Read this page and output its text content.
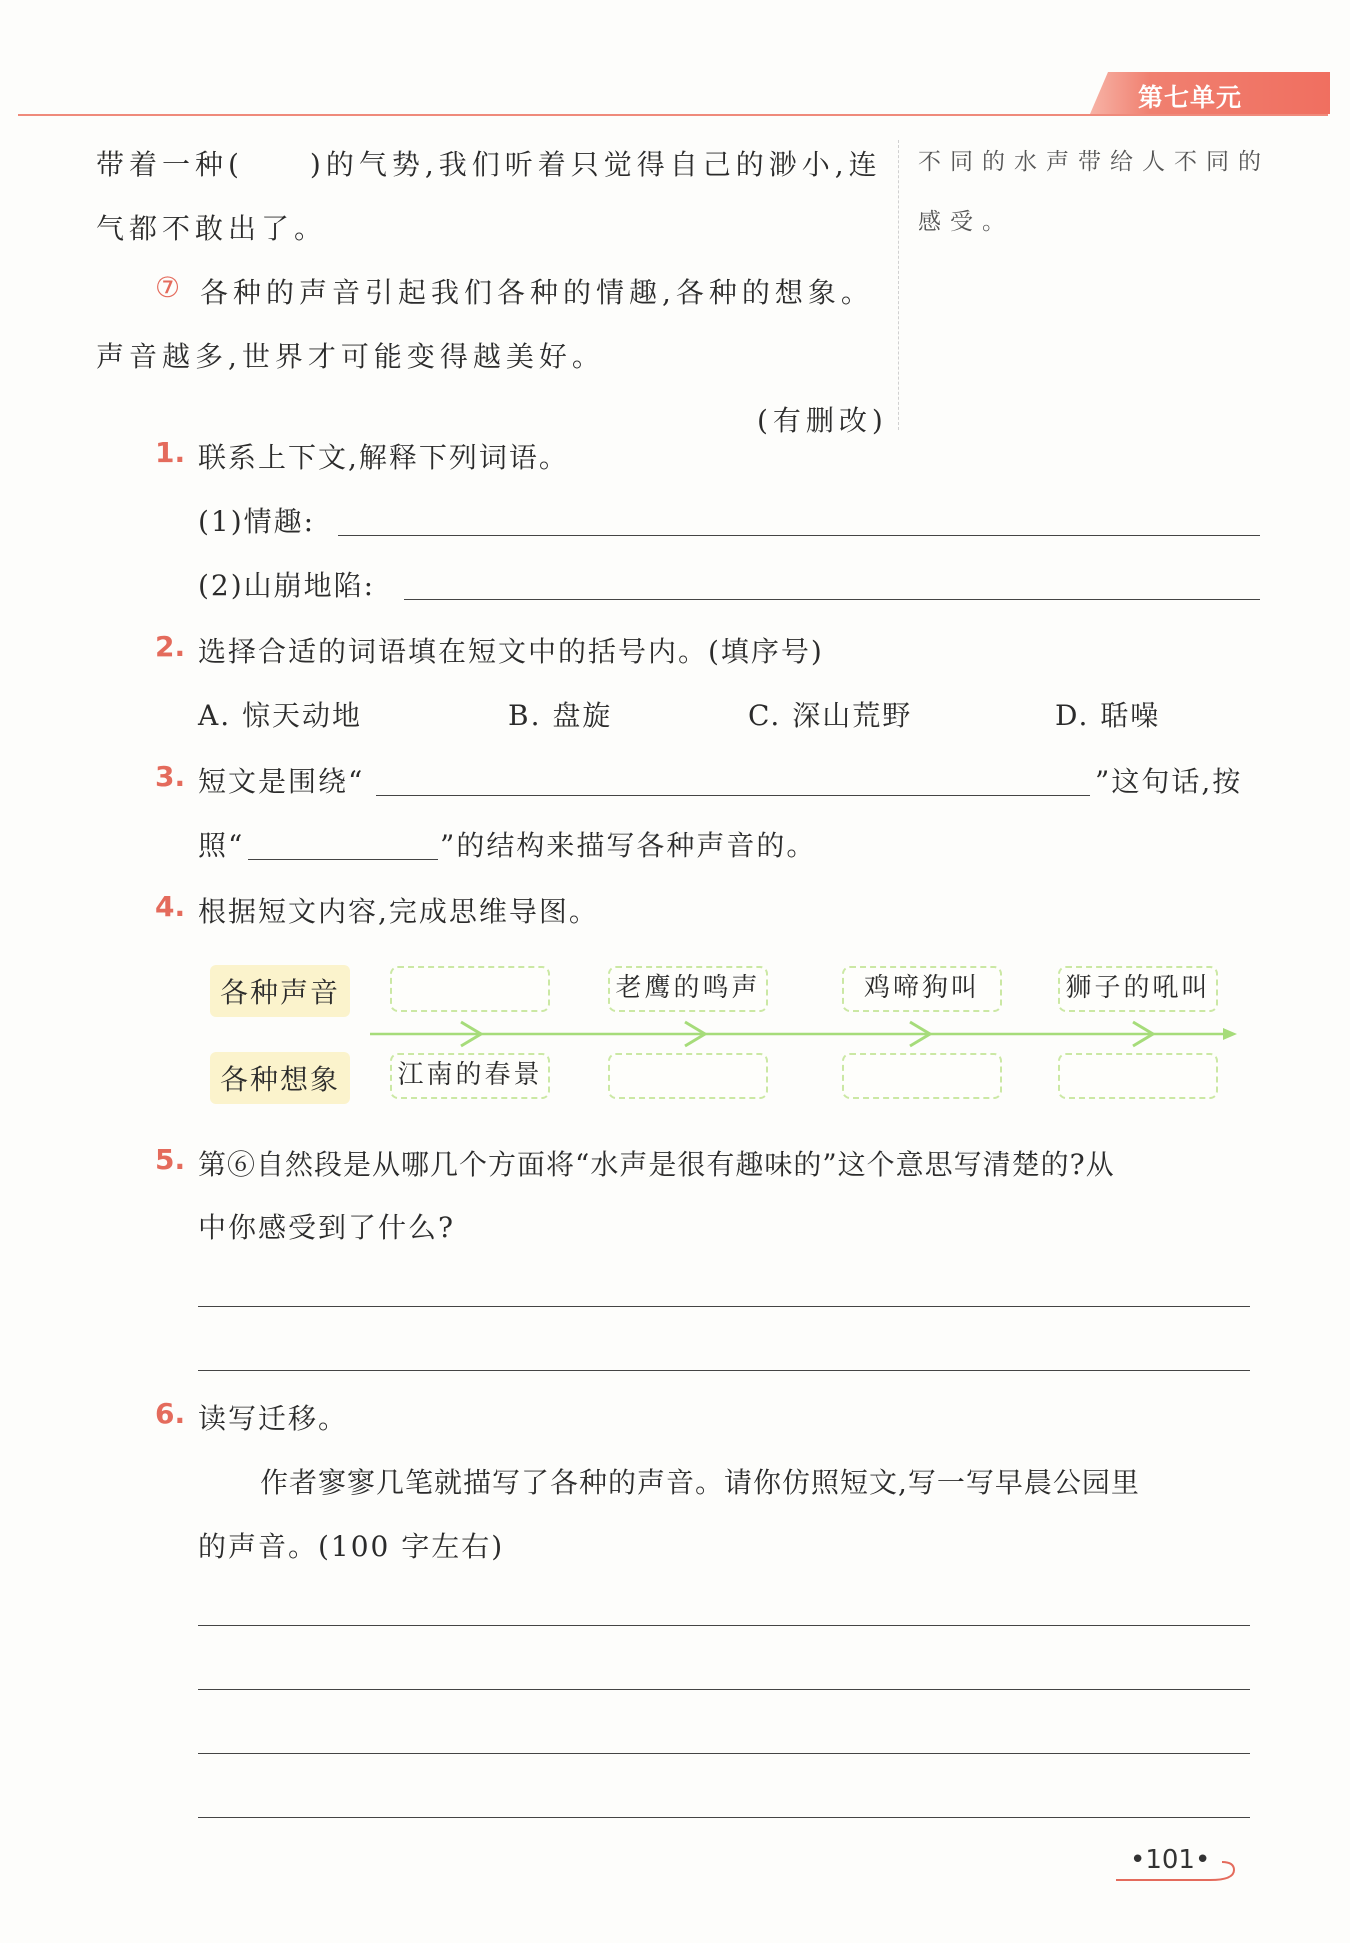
第七单元
带着一种(　　)的气势,我们听着只觉得自己的渺小,连
气都不敢出了。
⑦ 各种的声音引起我们各种的情趣,各种的想象。
声音越多,世界才可能变得越美好。
(有删改)
不同的水声带给人不同的
感受。
1. 联系上下文,解释下列词语。
(1)情趣:
(2)山崩地陷:
2. 选择合适的词语填在短文中的括号内。(填序号)
A. 惊天动地	B. 盘旋	C. 深山荒野	D. 聒噪
3. 短文是围绕“	”这句话,按
照“	”的结构来描写各种声音的。
4. 根据短文内容,完成思维导图。
各种声音
各种想象
老鹰的鸣声	鸡啼狗叫	狮子的吼叫
江南的春景
5. 第⑥自然段是从哪几个方面将“水声是很有趣味的”这个意思写清楚的?从
中你感受到了什么?
6. 读写迁移。
作者寥寥几笔就描写了各种的声音。请你仿照短文,写一写早晨公园里
的声音。(100 字左右)
•101•
